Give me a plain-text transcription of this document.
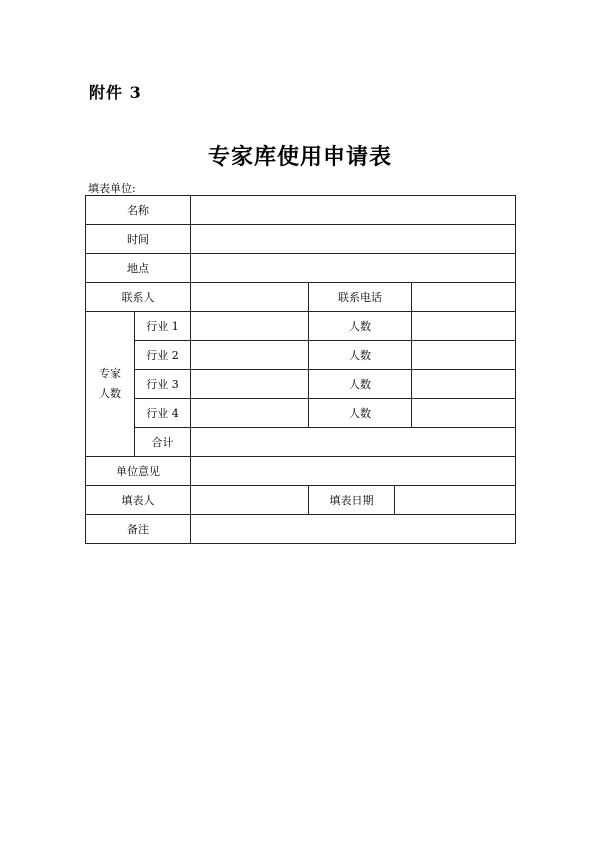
附件 3
专家库使用申请表
填表单位:
名称					
时间					
地点					
联系人			联系电话		
专家
人数	行业 1		人数		
	行业 2		人数		
	行业 3		人数		
	行业 4		人数		
	合计				
单位意见					
填表人			填表日期		
备注					
